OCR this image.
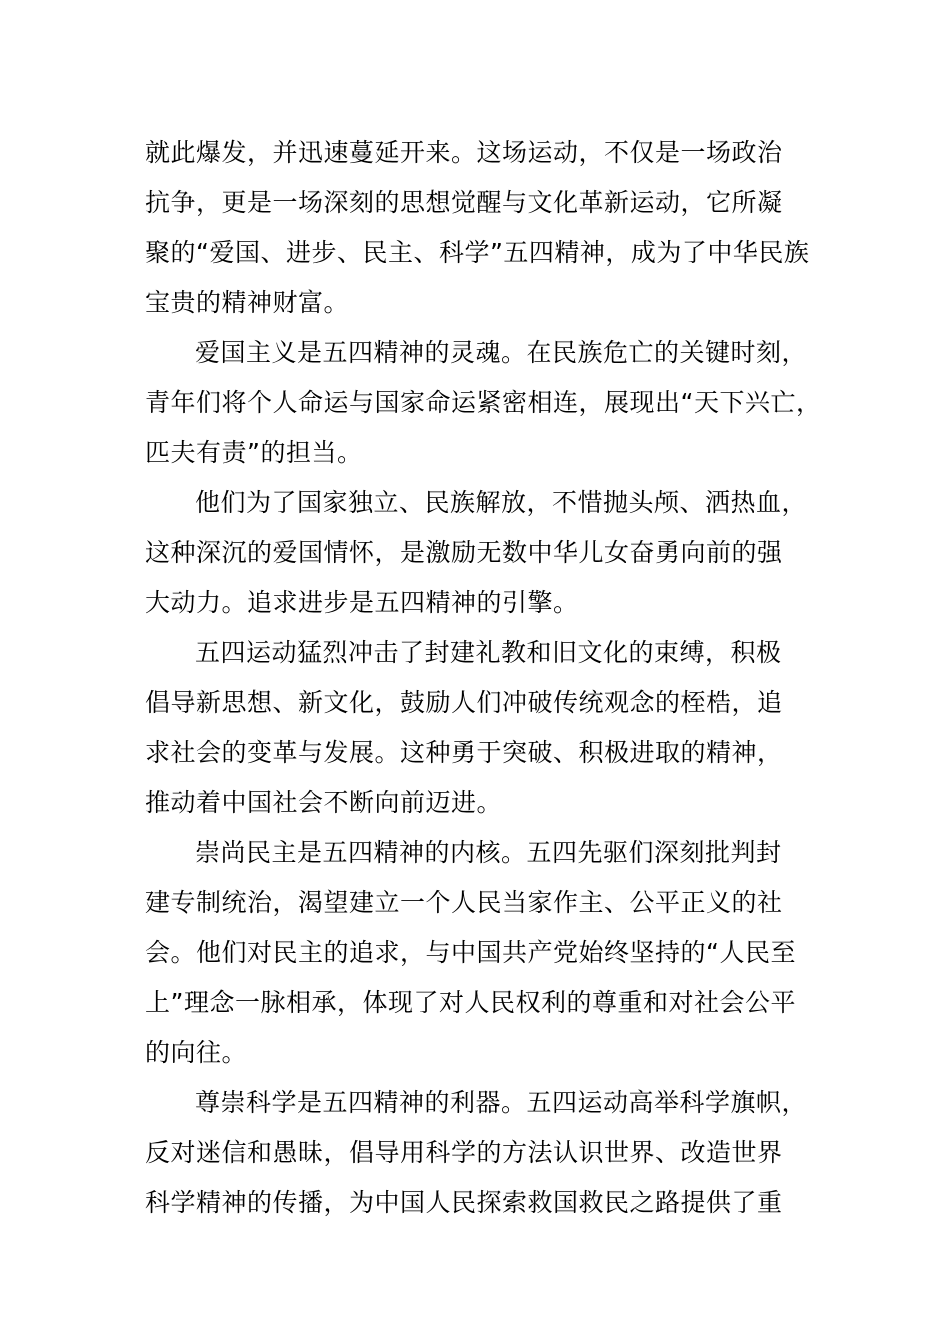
就此爆发，并迅速蔓延开来。这场运动，不仅是一场政治
抗争，更是一场深刻的思想觉醒与文化革新运动，它所凝
聚的“爱国、进步、民主、科学”五四精神，成为了中华民族
宝贵的精神财富。
爱国主义是五四精神的灵魂。在民族危亡的关键时刻，
青年们将个人命运与国家命运紧密相连，展现出“天下兴亡，
匹夫有责”的担当。
他们为了国家独立、民族解放，不惜抛头颅、洒热血，
这种深沉的爱国情怀，是激励无数中华儿女奋勇向前的强
大动力。追求进步是五四精神的引擎。
五四运动猛烈冲击了封建礼教和旧文化的束缚，积极
倡导新思想、新文化，鼓励人们冲破传统观念的桎梏，追
求社会的变革与发展。这种勇于突破、积极进取的精神，
推动着中国社会不断向前迈进。
崇尚民主是五四精神的内核。五四先驱们深刻批判封
建专制统治，渴望建立一个人民当家作主、公平正义的社
会。他们对民主的追求，与中国共产党始终坚持的“人民至
上”理念一脉相承，体现了对人民权利的尊重和对社会公平
的向往。
尊崇科学是五四精神的利器。五四运动高举科学旗帜，
反对迷信和愚昧，倡导用科学的方法认识世界、改造世界
科学精神的传播，为中国人民探索救国救民之路提供了重
